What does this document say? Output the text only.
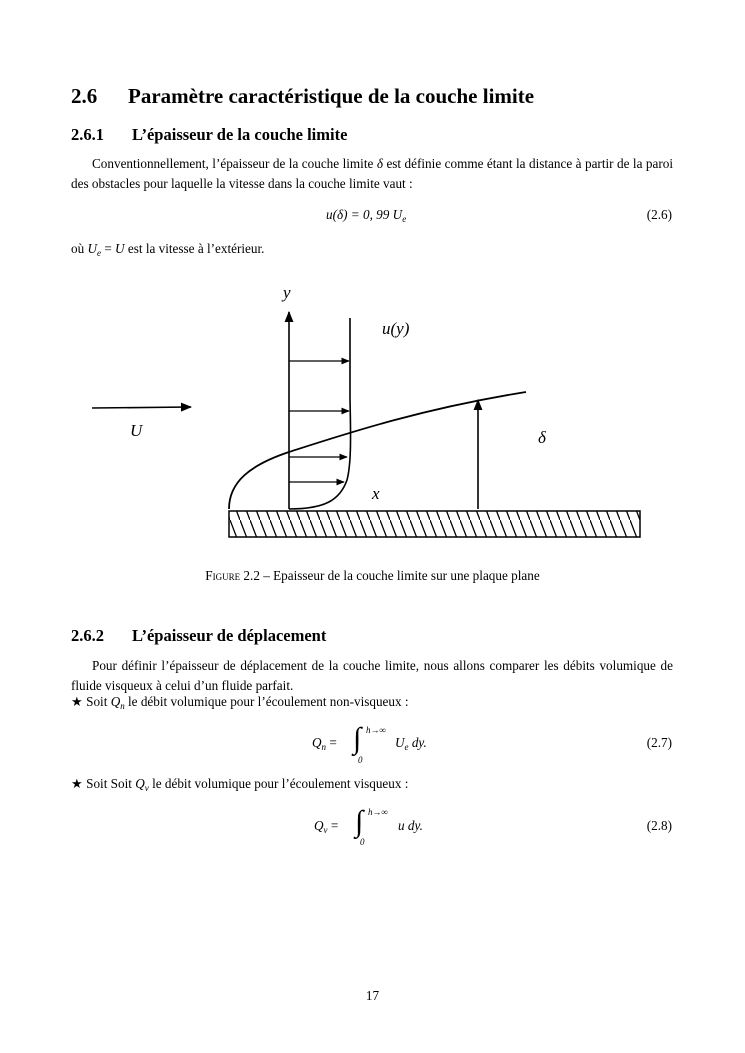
2.6 Paramètre caractéristique de la couche limite
2.6.1 L’épaisseur de la couche limite
Conventionnellement, l’épaisseur de la couche limite δ est définie comme étant la distance à partir de la paroi des obstacles pour laquelle la vitesse dans la couche limite vaut :
u(δ) = 0, 99 $U_e$	(2.6)
où $U_e = U$ est la vitesse à l’extérieur.
y
u(y)
U	δ
x
Figure 2.2 – Epaisseur de la couche limite sur une plaque plane
2.6.2 L’épaisseur de déplacement
Pour définir l’épaisseur de déplacement de la couche limite, nous allons comparer les débits volumique de fluide visqueux à celui d’un fluide parfait.
★ Soit $Q_n$ le débit volumique pour l’écoulement non-visqueux :
$Q_n$ = ∫ h→∞
0
$U_e$ dy.	(2.7)
★ Soit Soit $Q_v$ le débit volumique pour l’écoulement visqueux :
$Q_v$ = ∫ h→∞
0
u dy.	(2.8)
17
